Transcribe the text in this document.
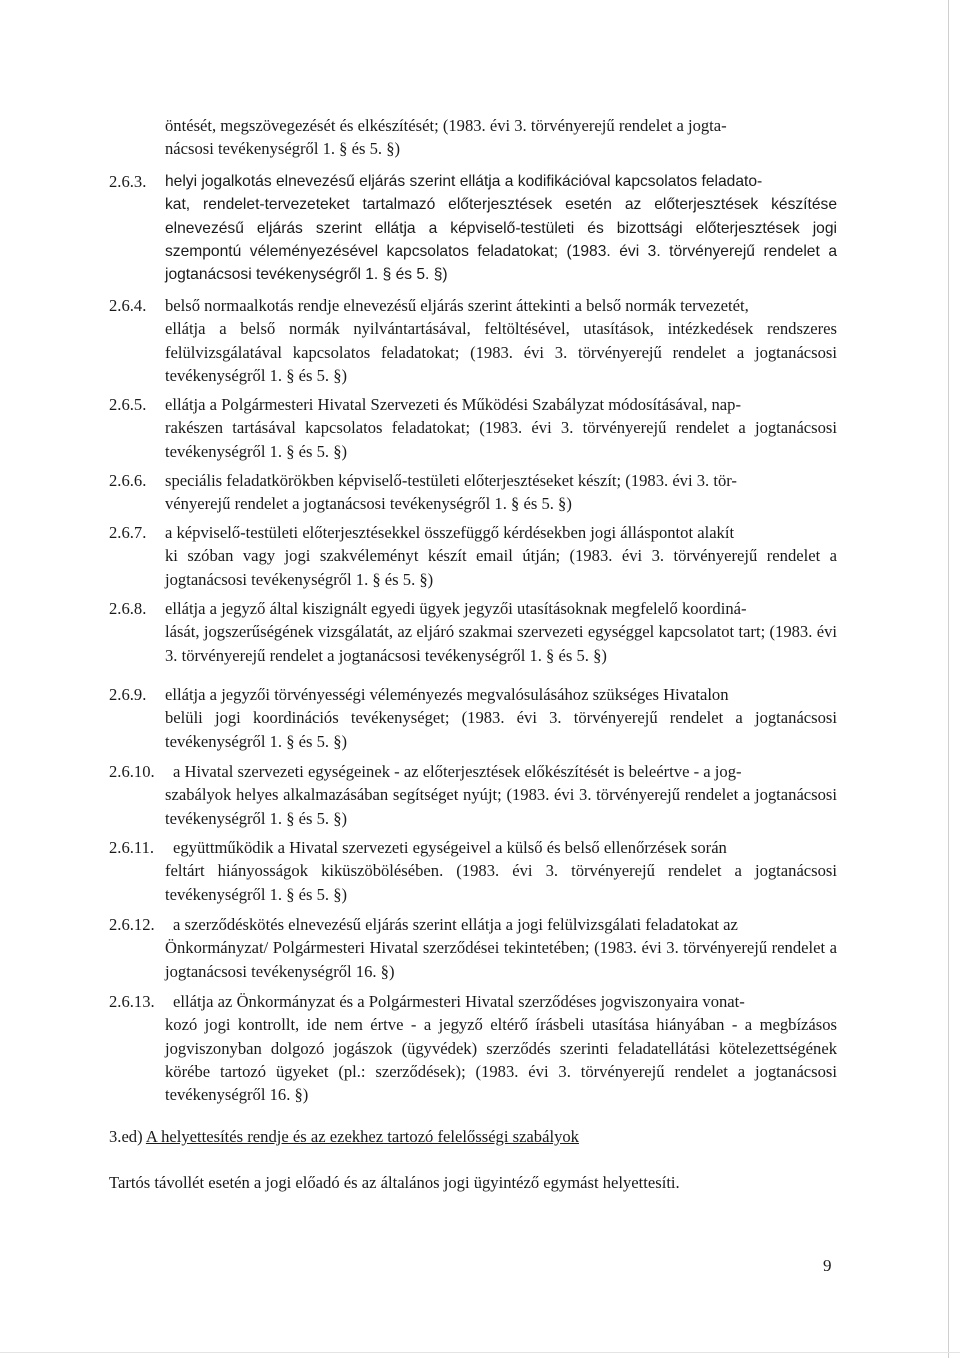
öntését, megszövegezését és elkészítését; (1983. évi 3. törvényerejű rendelet a jogta-
nácsosi tevékenységről 1. § és 5. §)
2.6.3. helyi jogalkotás elnevezésű eljárás szerint ellátja a kodifikációval kapcsolatos feladato-
kat, rendelet-tervezeteket tartalmazó előterjesztések esetén az előterjesztések készítése elnevezésű eljárás szerint ellátja a képviselő-testületi és bizottsági előterjesztések jogi szempontú véleményezésével kapcsolatos feladatokat; (1983. évi 3. törvényerejű rendelet a jogtanácsosi tevékenységről 1. § és 5. §)
2.6.4. belső normaalkotás rendje elnevezésű eljárás szerint áttekinti a belső normák tervezetét,
ellátja a belső normák nyilvántartásával, feltöltésével, utasítások, intézkedések rendszeres felülvizsgálatával kapcsolatos feladatokat; (1983. évi 3. törvényerejű rendelet a jogtanácsosi tevékenységről 1. § és 5. §)
2.6.5. ellátja a Polgármesteri Hivatal Szervezeti és Működési Szabályzat módosításával, nap-
rakészen tartásával kapcsolatos feladatokat; (1983. évi 3. törvényerejű rendelet a jogtanácsosi tevékenységről 1. § és 5. §)
2.6.6. speciális feladatkörökben képviselő-testületi előterjesztéseket készít; (1983. évi 3. tör-
vényerejű rendelet a jogtanácsosi tevékenységről 1. § és 5. §)
2.6.7. a képviselő-testületi előterjesztésekkel összefüggő kérdésekben jogi álláspontot alakít
ki szóban vagy jogi szakvéleményt készít email útján; (1983. évi 3. törvényerejű rendelet a jogtanácsosi tevékenységről 1. § és 5. §)
2.6.8. ellátja a jegyző által kiszignált egyedi ügyek jegyzői utasításoknak megfelelő koordiná-
lását, jogszerűségének vizsgálatát, az eljáró szakmai szervezeti egységgel kapcsolatot tart; (1983. évi 3. törvényerejű rendelet a jogtanácsosi tevékenységről 1. § és 5. §)
2.6.9. ellátja a jegyzői törvényességi véleményezés megvalósulásához szükséges Hivatalon
belüli jogi koordinációs tevékenységet; (1983. évi 3. törvényerejű rendelet a jogtanácsosi tevékenységről 1. § és 5. §)
2.6.10. a Hivatal szervezeti egységeinek - az előterjesztések előkészítését is beleértve - a jog-
szabályok helyes alkalmazásában segítséget nyújt; (1983. évi 3. törvényerejű rendelet a jogtanácsosi tevékenységről 1. § és 5. §)
2.6.11. együttműködik a Hivatal szervezeti egységeivel a külső és belső ellenőrzések során
feltárt hiányosságok kiküszöbölésében. (1983. évi 3. törvényerejű rendelet a jogtanácsosi tevékenységről 1. § és 5. §)
2.6.12. a szerződéskötés elnevezésű eljárás szerint ellátja a jogi felülvizsgálati feladatokat az
Önkormányzat/ Polgármesteri Hivatal szerződései tekintetében; (1983. évi 3. törvényerejű rendelet a jogtanácsosi tevékenységről 16. §)
2.6.13. ellátja az Önkormányzat és a Polgármesteri Hivatal szerződéses jogviszonyaira vonat-
kozó jogi kontrollt, ide nem értve - a jegyző eltérő írásbeli utasítása hiányában - a megbízásos jogviszonyban dolgozó jogászok (ügyvédek) szerződés szerinti feladatellátási kötelezettségének körébe tartozó ügyeket (pl.: szerződések); (1983. évi 3. törvényerejű rendelet a jogtanácsosi tevékenységről 16. §)
3.ed) A helyettesítés rendje és az ezekhez tartozó felelősségi szabályok
Tartós távollét esetén a jogi előadó és az általános jogi ügyintéző egymást helyettesíti.
9
